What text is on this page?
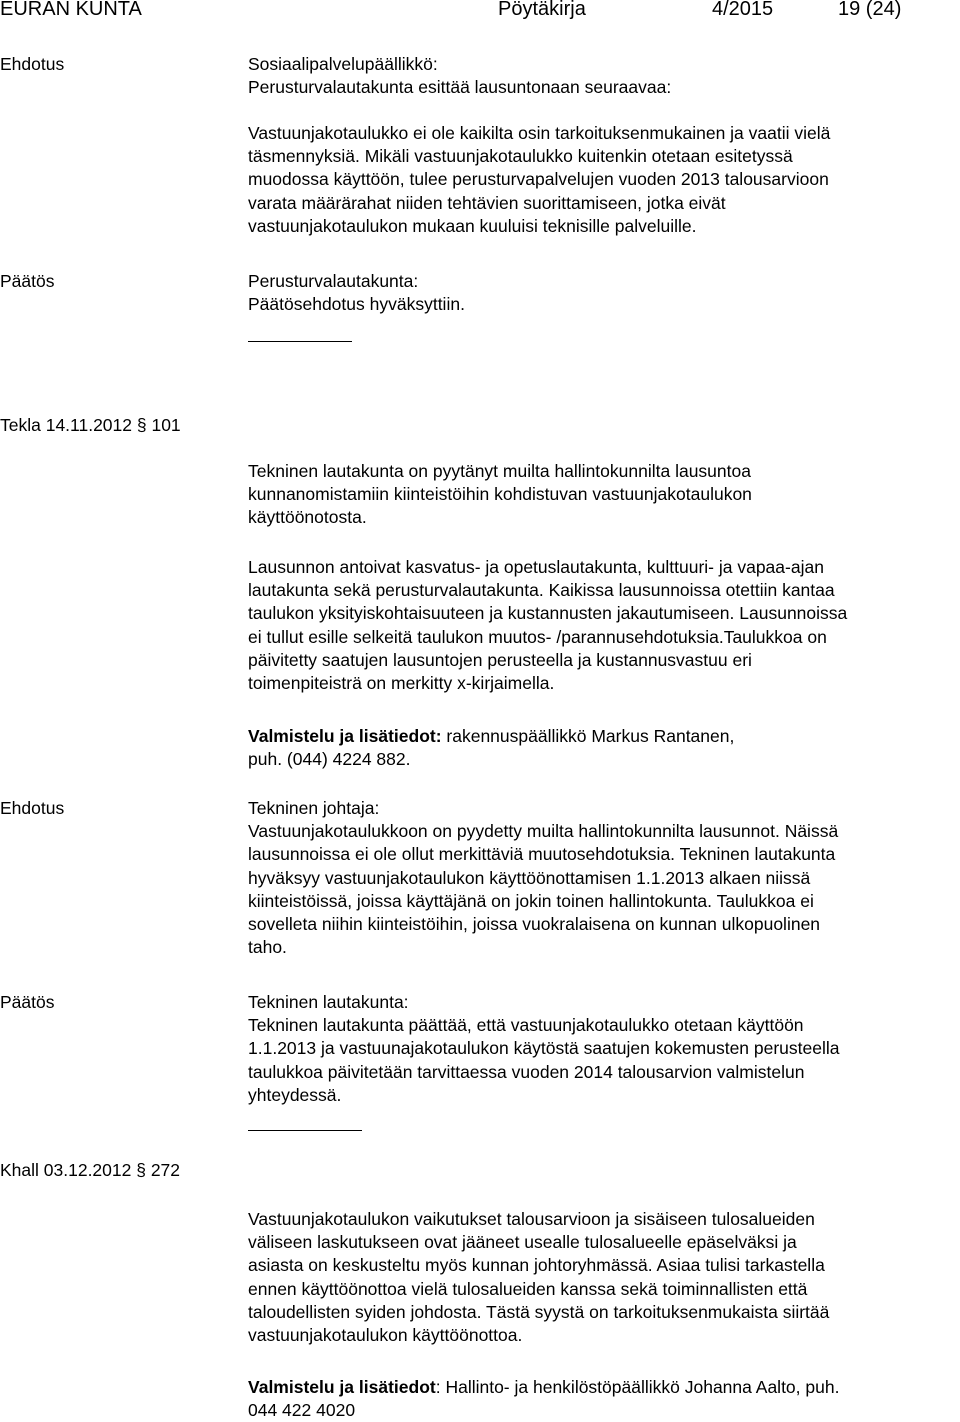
EURAN KUNTA	Pöytäkirja	4/2015	19 (24)
Ehdotus	Sosiaalipalvelupäällikkö:
Perusturvalautakunta esittää lausuntonaan seuraavaa:
Vastuunjakotaulukko ei ole kaikilta osin tarkoituksenmukainen ja vaatii vielä
täsmennyksiä. Mikäli vastuunjakotaulukko kuitenkin otetaan esitetyssä
muodossa käyttöön, tulee perusturvapalvelujen vuoden 2013 talousarvioon
varata määrärahat niiden tehtävien suorittamiseen, jotka eivät
vastuunjakotaulukon mukaan kuuluisi teknisille palveluille.
Päätös	Perusturvalautakunta:
Päätösehdotus hyväksyttiin.
Tekla 14.11.2012 § 101
Tekninen lautakunta on pyytänyt muilta hallintokunnilta lausuntoa
kunnanomistamiin kiinteistöihin kohdistuvan vastuunjakotaulukon
käyttöönotosta.
Lausunnon antoivat kasvatus- ja opetuslautakunta, kulttuuri- ja vapaa-ajan
lautakunta sekä perusturvalautakunta. Kaikissa lausunnoissa otettiin kantaa
taulukon yksityiskohtaisuuteen ja kustannusten jakautumiseen. Lausunnoissa
ei tullut esille selkeitä taulukon muutos- /parannusehdotuksia.Taulukkoa on
päivitetty saatujen lausuntojen perusteella ja kustannusvastuu eri
toimenpiteisträ on merkitty x-kirjaimella.
Valmistelu ja lisätiedot: rakennuspäällikkö Markus Rantanen,
puh. (044) 4224 882.
Ehdotus	Tekninen johtaja:
Vastuunjakotaulukkoon on pyydetty muilta hallintokunnilta lausunnot. Näissä
lausunnoissa ei ole ollut merkittäviä muutosehdotuksia. Tekninen lautakunta
hyväksyy vastuunjakotaulukon käyttöönottamisen 1.1.2013 alkaen niissä
kiinteistöissä, joissa käyttäjänä on jokin toinen hallintokunta. Taulukkoa ei
sovelleta niihin kiinteistöihin, joissa vuokralaisena on kunnan ulkopuolinen
taho.
Päätös	Tekninen lautakunta:
Tekninen lautakunta päättää, että vastuunjakotaulukko otetaan käyttöön
1.1.2013 ja vastuunajakotaulukon käytöstä saatujen kokemusten perusteella
taulukkoa päivitetään tarvittaessa vuoden 2014 talousarvion valmistelun
yhteydessä.
Khall 03.12.2012 § 272
Vastuunjakotaulukon vaikutukset talousarvioon ja sisäiseen tulosalueiden
väliseen laskutukseen ovat jääneet usealle tulosalueelle epäselväksi ja
asiasta on keskusteltu myös kunnan johtoryhmässä. Asiaa tulisi tarkastella
ennen käyttöönottoa vielä tulosalueiden kanssa sekä toiminnallisten että
taloudellisten syiden johdosta. Tästä syystä on tarkoituksenmukaista siirtää
vastuunjakotaulukon käyttöönottoa.
Valmistelu ja lisätiedot: Hallinto- ja henkilöstöpäällikkö Johanna Aalto, puh.
044 422 4020
